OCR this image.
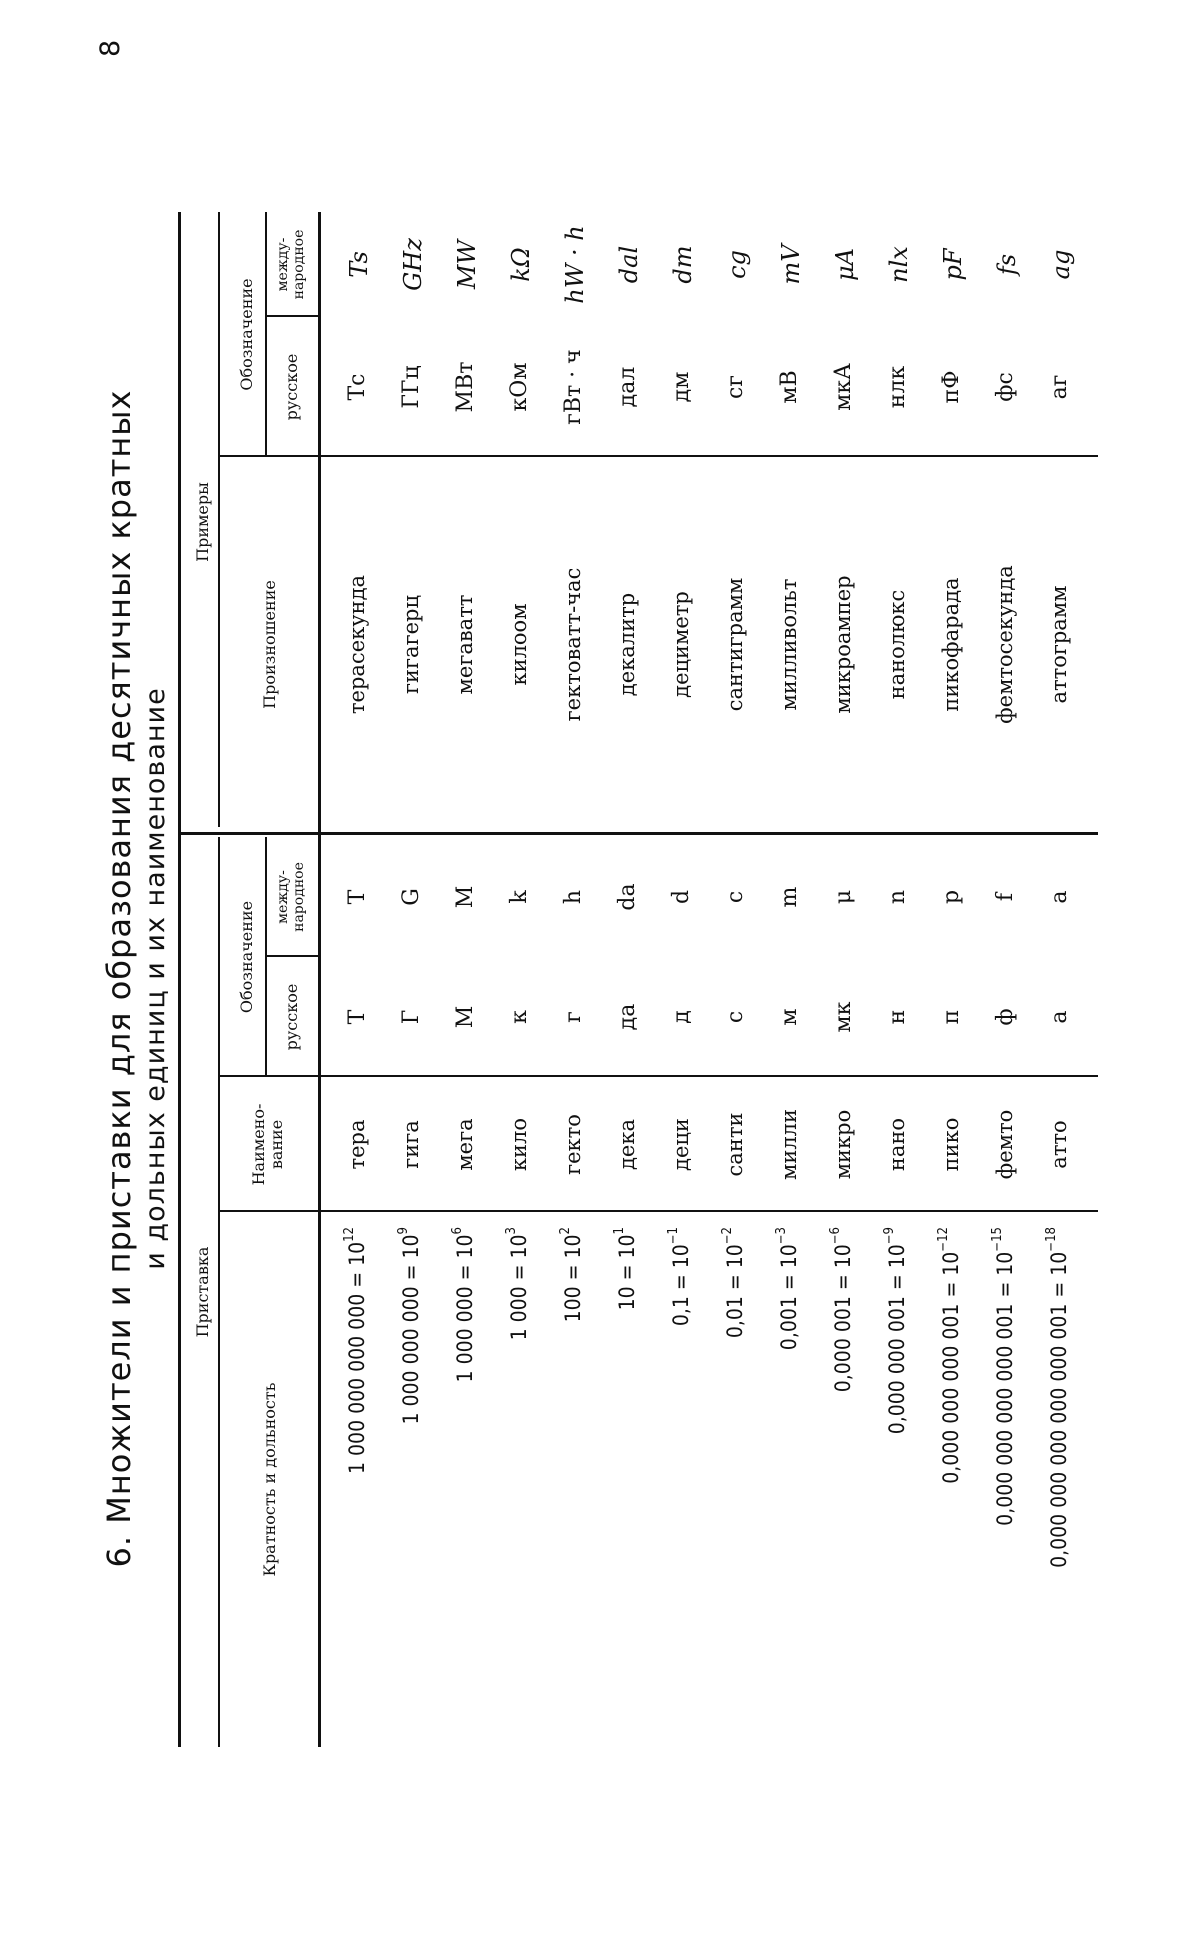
8
6. Множители и приставки для образования десятичных кратных и дольных единиц и их наименование
Приставка
Кратность и дольность
Наимено-
вание
Обозначение
русское
между-
народное
Примеры
Произношение
Обозначение русское
между-
народное
1 000 000 000 $000 = 10^{12}$
тера
Т
T
терасекунда
Тс
Ts
1 000 000 $000 = 10^9$
гига
Г
G
гигагерц
ГГц
GHz
1 000 $000 = 10^6$
мега
М
M
мегаватт
МВт
MW
1 $000 = 10^3$
кило
к
k
килоом
кОм
kΩ
$100 = 10^2$
гекто
г
h
гектоватт-час
гВт · ч
hW · h
$10 = 10^1$
дека
да
da
декалитр
дал
dal
$0,1 = 10^{-1}$
деци
д
d
дециметр
дм
dm
$0,01 = 10^{-2}$
санти
с
c
сантиграмм
сг
cg
$0,001 = 10^{-3}$
милли
м
m
милливольт
мВ
mV
0,000 $001 = 10^{-6}$
микро
мк
μ
микроампер
мкА
μA
0,000 000 $001 = 10^{-9}$
нано
н
n
нанолюкс
нлк
nlx
0,000 000 000 $001 = 10^{-12}$
пико
п
p
пикофарада
пФ
pF
0,000 000 000 000 $001 = 10^{-15}$
фемто
ф
f
фемтосекунда
фс
fs
0,000 000 000 000 000 $001 = 10^{-18}$
атто
а
a
аттограмм
аг
ag
